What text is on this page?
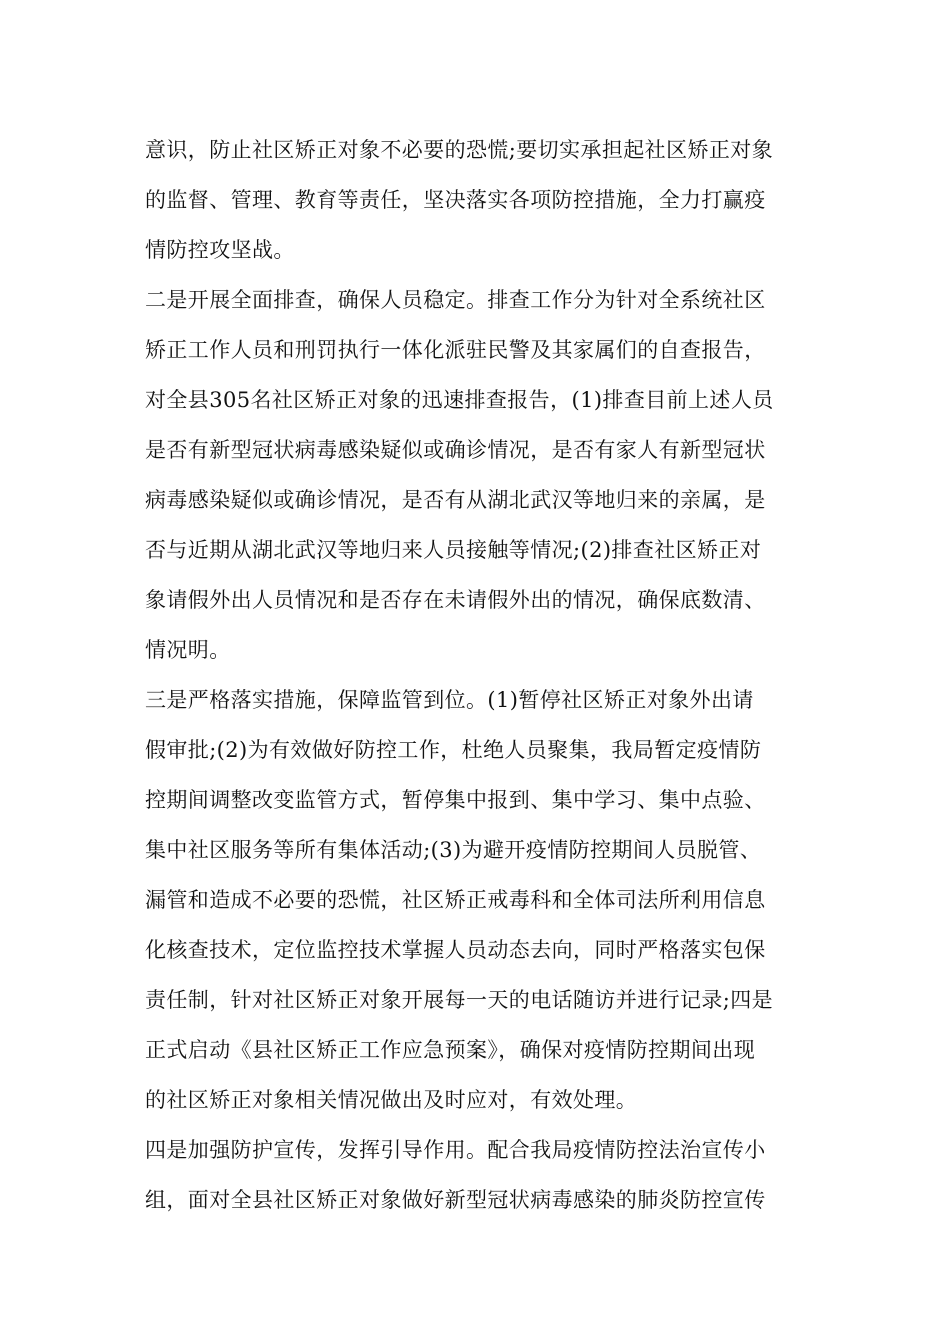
意识，防止社区矫正对象不必要的恐慌;要切实承担起社区矫正对象
的监督、管理、教育等责任，坚决落实各项防控措施，全力打赢疫
情防控攻坚战。
二是开展全面排查，确保人员稳定。排查工作分为针对全系统社区
矫正工作人员和刑罚执行一体化派驻民警及其家属们的自查报告，
对全县305名社区矫正对象的迅速排查报告，(1)排查目前上述人员
是否有新型冠状病毒感染疑似或确诊情况，是否有家人有新型冠状
病毒感染疑似或确诊情况，是否有从湖北武汉等地归来的亲属，是
否与近期从湖北武汉等地归来人员接触等情况;(2)排查社区矫正对
象请假外出人员情况和是否存在未请假外出的情况，确保底数清、
情况明。
三是严格落实措施，保障监管到位。(1)暂停社区矫正对象外出请
假审批;(2)为有效做好防控工作，杜绝人员聚集，我局暂定疫情防
控期间调整改变监管方式，暂停集中报到、集中学习、集中点验、
集中社区服务等所有集体活动;(3)为避开疫情防控期间人员脱管、
漏管和造成不必要的恐慌，社区矫正戒毒科和全体司法所利用信息
化核查技术，定位监控技术掌握人员动态去向，同时严格落实包保
责任制，针对社区矫正对象开展每一天的电话随访并进行记录;四是
正式启动《县社区矫正工作应急预案》，确保对疫情防控期间出现
的社区矫正对象相关情况做出及时应对，有效处理。
四是加强防护宣传，发挥引导作用。配合我局疫情防控法治宣传小
组，面对全县社区矫正对象做好新型冠状病毒感染的肺炎防控宣传
